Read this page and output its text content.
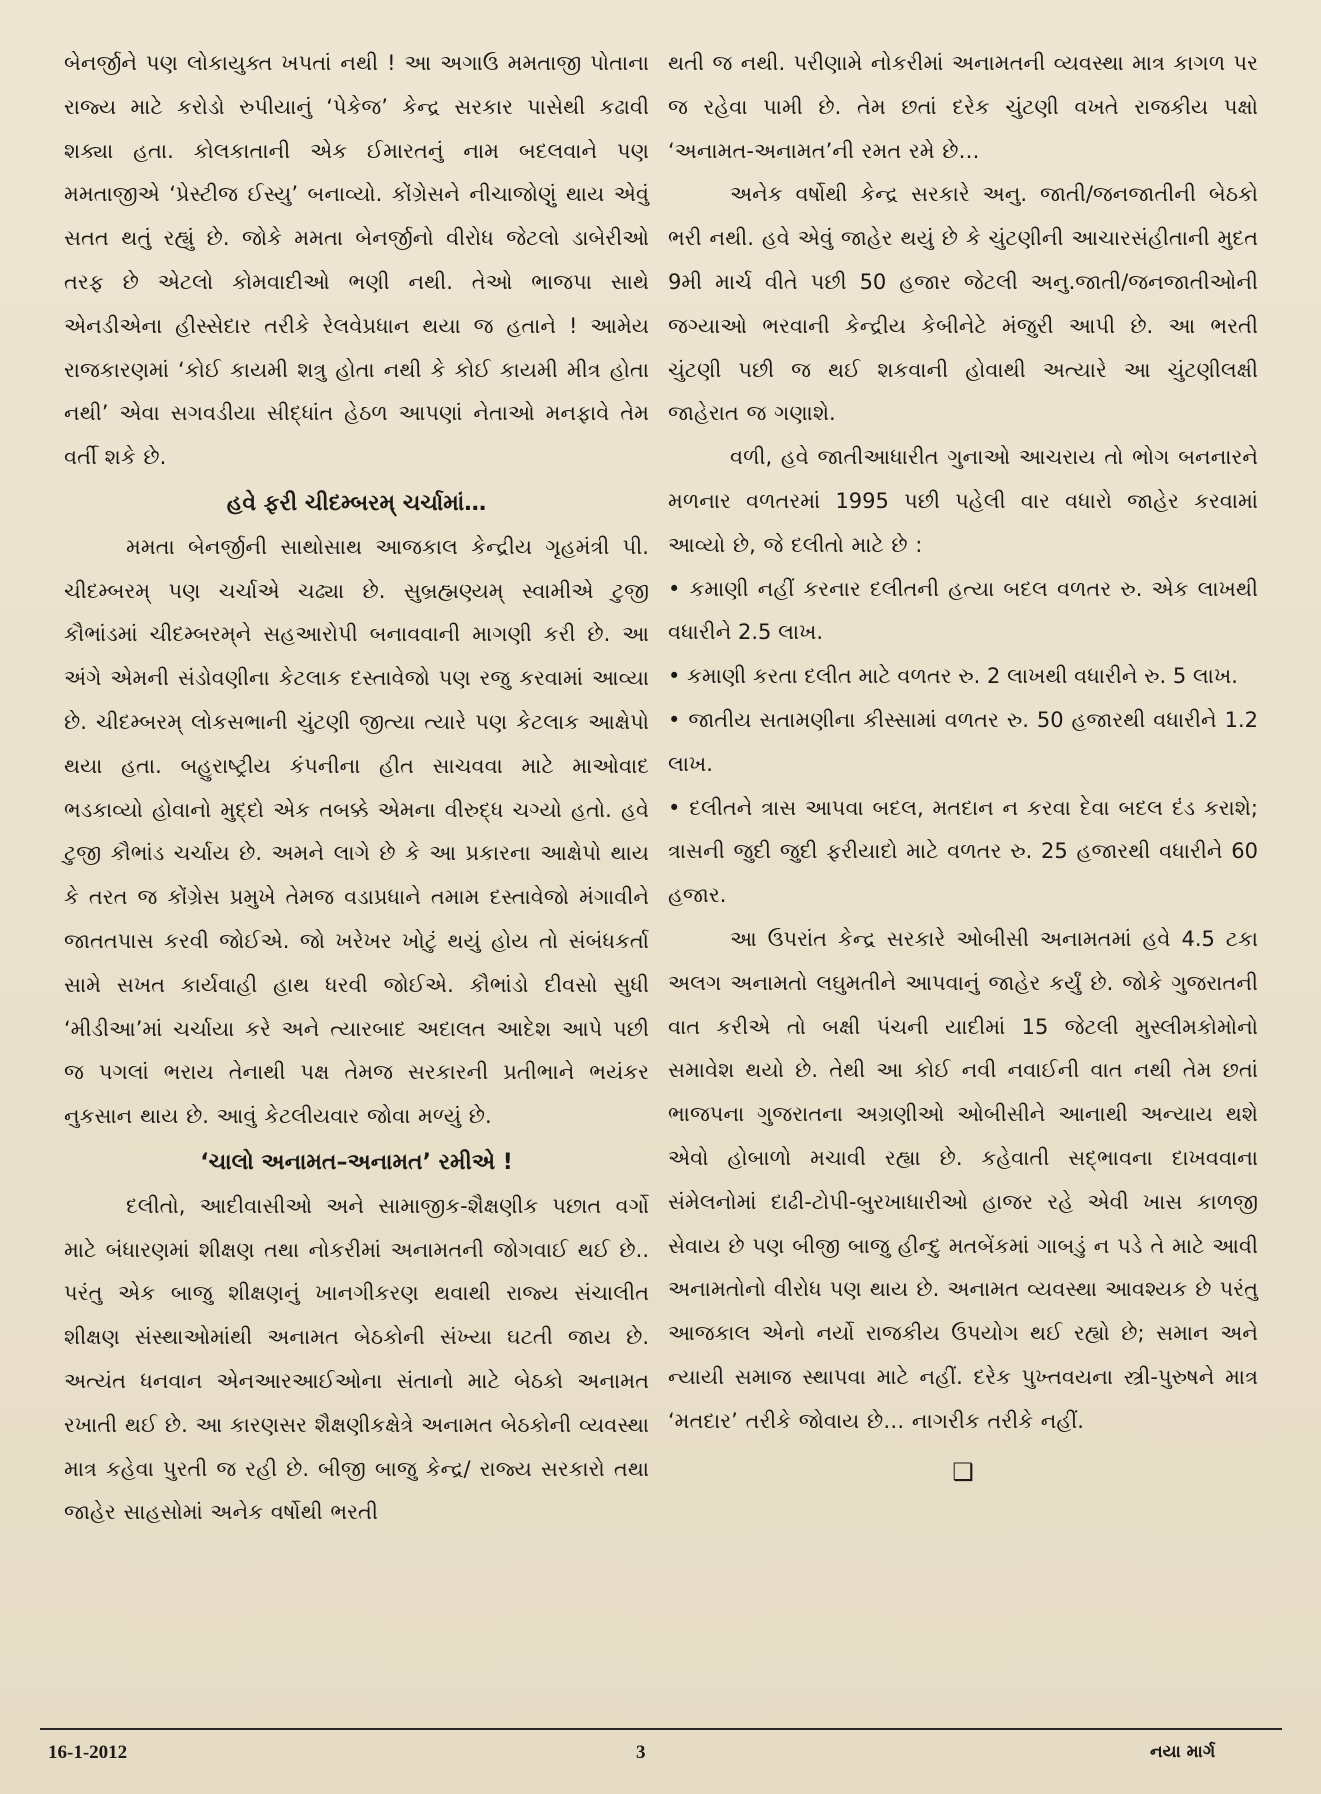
બેનર્જીને પણ લોકાયુક્ત ખપતાં નથી ! આ અગાઉ મમતાજી પોતાના રાજ્ય માટે કરોડો રુપીયાનું ‘પેકેજ’ કેન્દ્ર સરકાર પાસેથી કઢાવી શક્યા હતા. કોલકાતાની એક ઈમારતનું નામ બદલવાને પણ મમતાજીએ ‘પ્રેસ્ટીજ ઈસ્યુ’ બનાવ્યો. કોંગ્રેસને નીચાજોણું થાય એવું સતત થતું રહ્યું છે. જોકે મમતા બેનર્જીનો વીરોધ જેટલો ડાબેરીઓ તરફ છે એટલો કોમવાદીઓ ભણી નથી. તેઓ ભાજપા સાથે એનડીએના હીસ્સેદાર તરીકે રેલવેપ્રધાન થયા જ હતાને ! આમેય રાજકારણમાં ‘કોઈ કાયમી શત્રુ હોતા નથી કે કોઈ કાયમી મીત્ર હોતા નથી’ એવા સગવડીયા સીદ્ધાંત હેઠળ આપણાં નેતાઓ મનફાવે તેમ વર્તી શકે છે.

હવે ફરી ચીદમ્બરમ્ ચર્ચામાં…

મમતા બેનર્જીની સાથોસાથ આજકાલ કેન્દ્રીય ગૃહમંત્રી પી. ચીદમ્બરમ્ પણ ચર્ચાએ ચઢ્યા છે. સુબ્રહ્મણ્યમ્ સ્વામીએ ટુજી કૌભાંડમાં ચીદમ્બરમ્‌ને સહઆરોપી બનાવવાની માગણી કરી છે. આ અંગે એમની સંડોવણીના કેટલાક દસ્તાવેજો પણ રજુ કરવામાં આવ્યા છે. ચીદમ્બરમ્ લોકસભાની ચુંટણી જીત્યા ત્યારે પણ કેટલાક આક્ષેપો થયા હતા. બહુરાષ્ટ્રીય કંપનીના હીત સાચવવા માટે માઓવાદ ભડકાવ્યો હોવાનો મુદ્દો એક તબક્કે એમના વીરુદ્ધ ચગ્યો હતો. હવે ટુજી કૌભાંડ ચર્ચાય છે. અમને લાગે છે કે આ પ્રકારના આક્ષેપો થાય કે તરત જ કોંગ્રેસ પ્રમુખે તેમજ વડાપ્રધાને તમામ દસ્તાવેજો મંગાવીને જાતતપાસ કરવી જોઈએ. જો ખરેખર ખોટું થયું હોય તો સંબંધકર્તા સામે સખત કાર્યવાહી હાથ ધરવી જોઈએ. કૌભાંડો દીવસો સુધી ‘મીડીઆ’માં ચર્ચાયા કરે અને ત્યારબાદ અદાલત આદેશ આપે પછી જ પગલાં ભરાય તેનાથી પક્ષ તેમજ સરકારની પ્રતીભાને ભયંકર નુકસાન થાય છે. આવું કેટલીયવાર જોવા મળ્યું છે.

‘ચાલો અનામત–અનામત’ રમીએ !

દલીતો, આદીવાસીઓ અને સામાજીક-શૈક્ષણીક પછાત વર્ગો માટે બંધારણમાં શીક્ષણ તથા નોકરીમાં અનામતની જોગવાઈ થઈ છે.. પરંતુ એક બાજુ શીક્ષણનું ખાનગીકરણ થવાથી રાજ્ય સંચાલીત શીક્ષણ સંસ્થાઓમાંથી અનામત બેઠકોની સંખ્યા ઘટતી જાય છે. અત્યંત ધનવાન એનઆરઆઈઓના સંતાનો માટે બેઠકો અનામત રખાતી થઈ છે. આ કારણસર શૈક્ષણીકક્ષેત્રે અનામત બેઠકોની વ્યવસ્થા માત્ર કહેવા પુરતી જ રહી છે. બીજી બાજુ કેન્દ્ર/ રાજ્ય સરકારો તથા જાહેર સાહસોમાં અનેક વર્ષોથી ભરતી

થતી જ નથી. પરીણામે નોકરીમાં અનામતની વ્યવસ્થા માત્ર કાગળ પર જ રહેવા પામી છે. તેમ છતાં દરેક ચુંટણી વખતે રાજકીય પક્ષો ‘અનામત-અનામત’ની રમત રમે છે…

અનેક વર્ષોથી કેન્દ્ર સરકારે અનુ. જાતી/જનજાતીની બેઠકો ભરી નથી. હવે એવું જાહેર થયું છે કે ચુંટણીની આચારસંહીતાની મુદત 9મી માર્ચ વીતે પછી 50 હજાર જેટલી અનુ.જાતી/જનજાતીઓની જગ્યાઓ ભરવાની કેન્દ્રીય કેબીનેટે મંજુરી આપી છે. આ ભરતી ચુંટણી પછી જ થઈ શકવાની હોવાથી અત્યારે આ ચુંટણીલક્ષી જાહેરાત જ ગણાશે.

વળી, હવે જાતીઆધારીત ગુનાઓ આચરાય તો ભોગ બનનારને મળનાર વળતરમાં 1995 પછી પહેલી વાર વધારો જાહેર કરવામાં આવ્યો છે, જે દલીતો માટે છે :

• કમાણી નહીં કરનાર દલીતની હત્યા બદલ વળતર રુ. એક લાખથી વધારીને 2.5 લાખ.

• કમાણી કરતા દલીત માટે વળતર રુ. 2 લાખથી વધારીને રુ. 5 લાખ.

• જાતીય સતામણીના કીસ્સામાં વળતર રુ. 50 હજારથી વધારીને 1.2 લાખ.

• દલીતને ત્રાસ આપવા બદલ, મતદાન ન કરવા દેવા બદલ દંડ કરાશે; ત્રાસની જુદી જુદી ફરીયાદો માટે વળતર રુ. 25 હજારથી વધારીને 60 હજાર.

આ ઉપરાંત કેન્દ્ર સરકારે ઓબીસી અનામતમાં હવે 4.5 ટકા અલગ અનામતો લઘુમતીને આપવાનું જાહેર કર્યું છે. જોકે ગુજરાતની વાત કરીએ તો બક્ષી પંચની યાદીમાં 15 જેટલી મુસ્લીમકોમોનો સમાવેશ થયો છે. તેથી આ કોઈ નવી નવાઈની વાત નથી તેમ છતાં ભાજપના ગુજરાતના અગ્રણીઓ ઓબીસીને આનાથી અન્યાય થશે એવો હોબાળો મચાવી રહ્યા છે. કહેવાતી સદ્ભાવના દાખવવાના સંમેલનોમાં દાઢી-ટોપી-બુરખાધારીઓ હાજર રહે એવી ખાસ કાળજી સેવાય છે પણ બીજી બાજુ હીન્દુ મતબેંકમાં ગાબડું ન પડે તે માટે આવી અનામતોનો વીરોધ પણ થાય છે. અનામત વ્યવસ્થા આવશ્યક છે પરંતુ આજકાલ એનો નર્યો રાજકીય ઉપયોગ થઈ રહ્યો છે; સમાન અને ન્યાયી સમાજ સ્થાપવા માટે નહીં. દરેક પુખ્તવયના સ્ત્રી-પુરુષને માત્ર ‘મતદાર’ તરીકે જોવાય છે… નાગરીક તરીકે નહીં.

❑
16-1-2012	3	નયા માર્ગ
